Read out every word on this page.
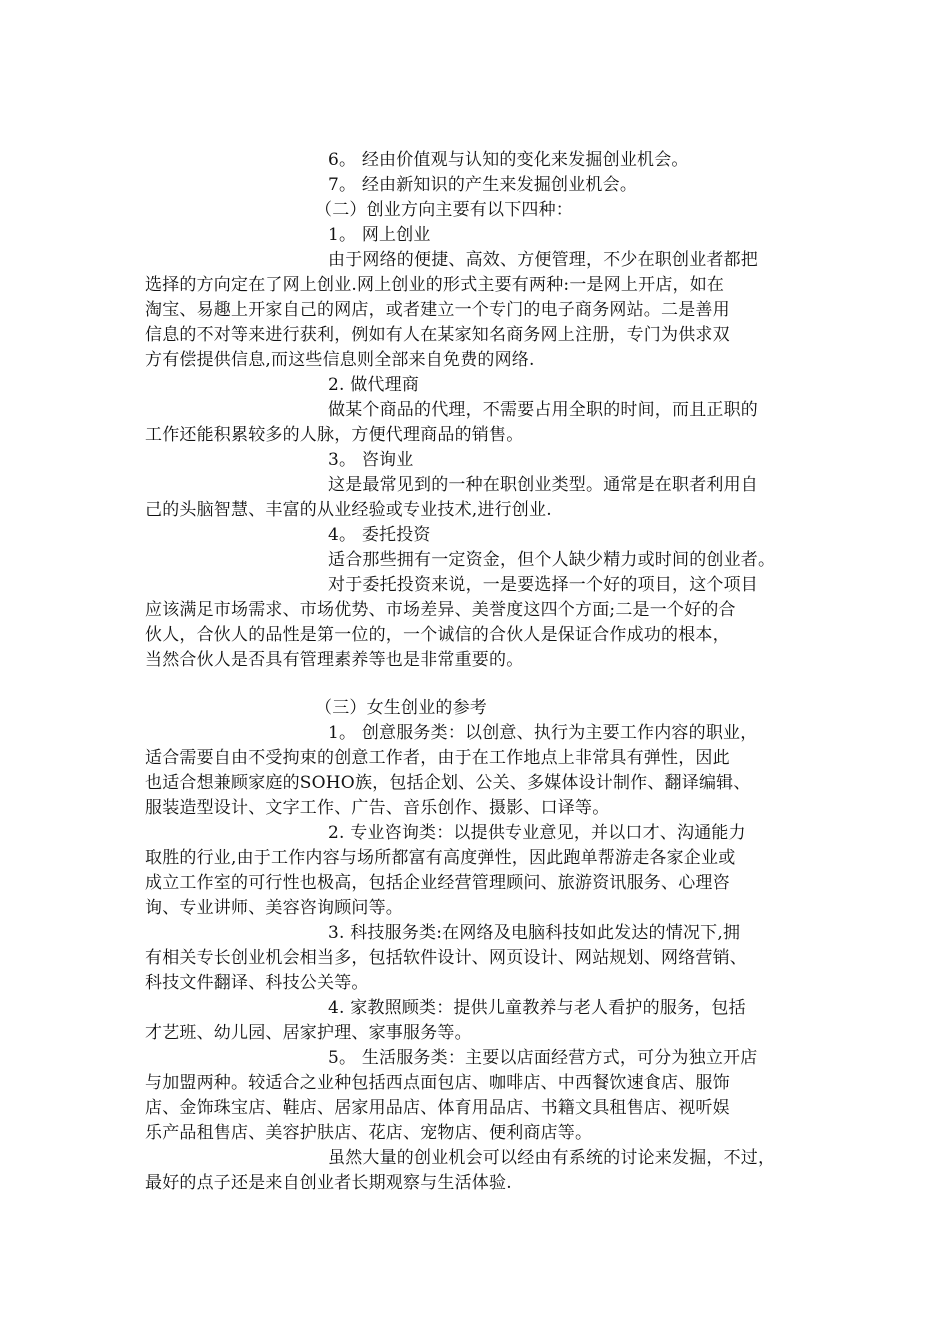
6。 经由价值观与认知的变化来发掘创业机会。
7。 经由新知识的产生来发掘创业机会。
（二）创业方向主要有以下四种：
1。 网上创业
由于网络的便捷、高效、方便管理，不少在职创业者都把
选择的方向定在了网上创业.网上创业的形式主要有两种:一是网上开店，如在
淘宝、易趣上开家自己的网店，或者建立一个专门的电子商务网站。二是善用
信息的不对等来进行获利，例如有人在某家知名商务网上注册，专门为供求双
方有偿提供信息,而这些信息则全部来自免费的网络.
2. 做代理商
做某个商品的代理，不需要占用全职的时间，而且正职的
工作还能积累较多的人脉，方便代理商品的销售。
3。 咨询业
这是最常见到的一种在职创业类型。通常是在职者利用自
己的头脑智慧、丰富的从业经验或专业技术,进行创业.
4。 委托投资
适合那些拥有一定资金，但个人缺少精力或时间的创业者。
对于委托投资来说，一是要选择一个好的项目，这个项目
应该满足市场需求、市场优势、市场差异、美誉度这四个方面;二是一个好的合
伙人，合伙人的品性是第一位的，一个诚信的合伙人是保证合作成功的根本，
当然合伙人是否具有管理素养等也是非常重要的。
（三）女生创业的参考
1。 创意服务类：以创意、执行为主要工作内容的职业，
适合需要自由不受拘束的创意工作者，由于在工作地点上非常具有弹性，因此
也适合想兼顾家庭的SOHO族，包括企划、公关、多媒体设计制作、翻译编辑、
服装造型设计、文字工作、广告、音乐创作、摄影、口译等。
2. 专业咨询类：以提供专业意见，并以口才、沟通能力
取胜的行业,由于工作内容与场所都富有高度弹性，因此跑单帮游走各家企业或
成立工作室的可行性也极高，包括企业经营管理顾问、旅游资讯服务、心理咨
询、专业讲师、美容咨询顾问等。
3. 科技服务类:在网络及电脑科技如此发达的情况下,拥
有相关专长创业机会相当多，包括软件设计、网页设计、网站规划、网络营销、
科技文件翻译、科技公关等。
4. 家教照顾类：提供儿童教养与老人看护的服务，包括
才艺班、幼儿园、居家护理、家事服务等。
5。 生活服务类：主要以店面经营方式，可分为独立开店
与加盟两种。较适合之业种包括西点面包店、咖啡店、中西餐饮速食店、服饰
店、金饰珠宝店、鞋店、居家用品店、体育用品店、书籍文具租售店、视听娱
乐产品租售店、美容护肤店、花店、宠物店、便利商店等。
虽然大量的创业机会可以经由有系统的讨论来发掘，不过，
最好的点子还是来自创业者长期观察与生活体验.
